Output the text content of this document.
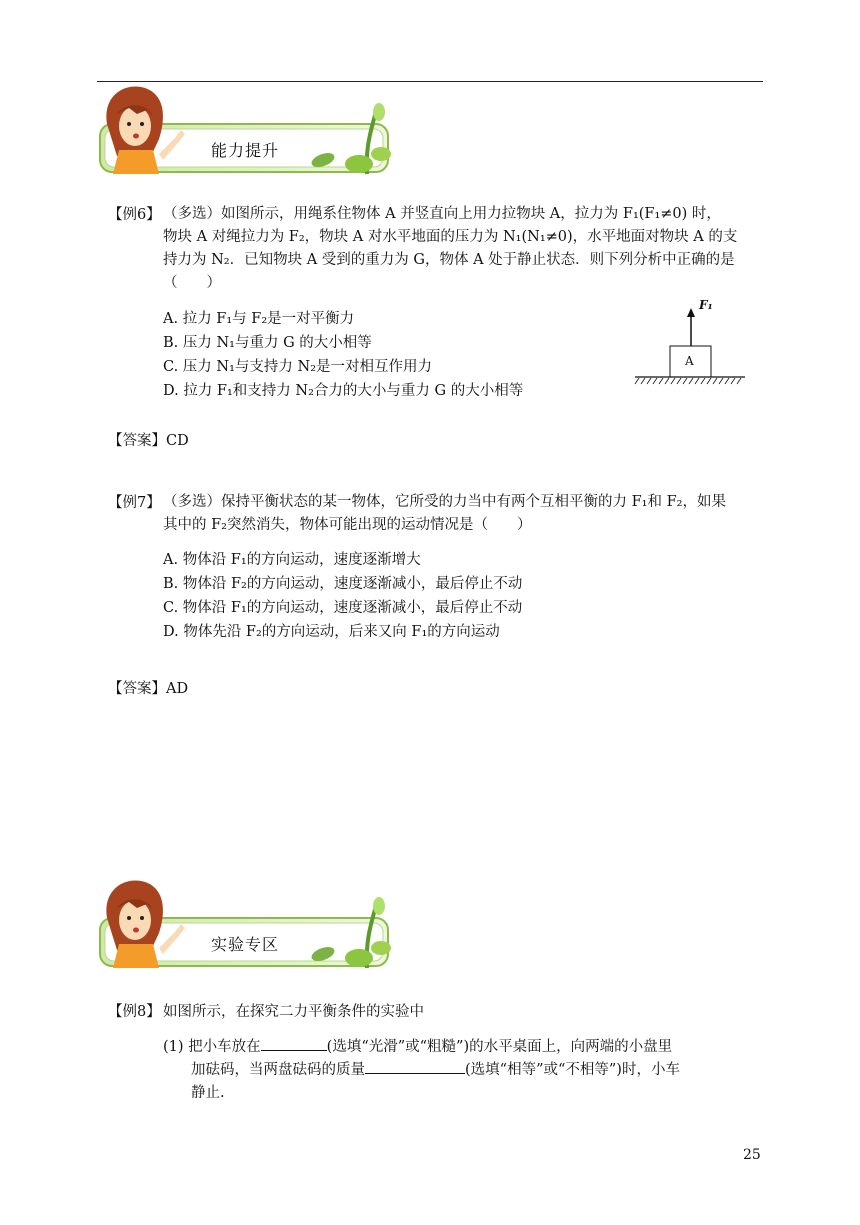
能力提升
【例6】 （多选）如图所示，用绳系住物体 A 并竖直向上用力拉物块 A，拉力为 F₁(F₁≠0) 时，
物块 A 对绳拉力为 F₂，物块 A 对水平地面的压力为 N₁(N₁≠0)，水平地面对物块 A 的支
持力为 N₂．已知物块 A 受到的重力为 G，物体 A 处于静止状态．则下列分析中正确的是
（　　）
A. 拉力 F₁与 F₂是一对平衡力
B. 压力 N₁与重力 G 的大小相等
C. 压力 N₁与支持力 N₂是一对相互作用力
D. 拉力 F₁和支持力 N₂合力的大小与重力 G 的大小相等
F₁
A
【答案】CD
【例7】 （多选）保持平衡状态的某一物体，它所受的力当中有两个互相平衡的力 F₁和 F₂，如果
其中的 F₂突然消失，物体可能出现的运动情况是（　　）
A. 物体沿 F₁的方向运动，速度逐渐增大
B. 物体沿 F₂的方向运动，速度逐渐减小，最后停止不动
C. 物体沿 F₁的方向运动，速度逐渐减小，最后停止不动
D. 物体先沿 F₂的方向运动，后来又向 F₁的方向运动
【答案】AD
实验专区
【例8】 如图所示，在探究二力平衡条件的实验中
(1) 把小车放在	(选填“光滑”或“粗糙”)的水平桌面上，向两端的小盘里
加砝码，当两盘砝码的质量	(选填“相等”或“不相等”)时，小车
静止.
25
